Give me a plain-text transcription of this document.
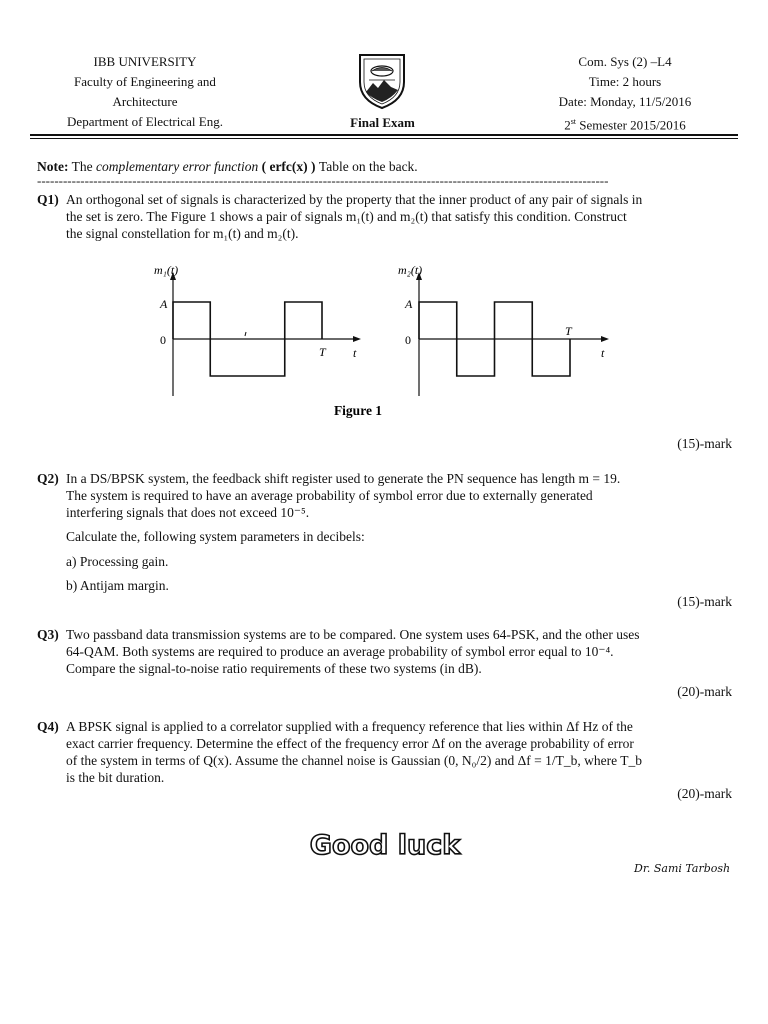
IBB UNIVERSITY
Faculty of Engineering and
Architecture
Department of Electrical Eng.	Final Exam
Com. Sys (2) –L4
Time: 2 hours
Date: Monday, 11/5/2016
2st Semester 2015/2016
Note: The complementary error function ( erfc(x) ) Table on the back.
------------------------------------------------------------------------------------------------------------------------------------
Q1) An orthogonal set of signals is characterized by the property that the inner product of any pair of signals in
the set is zero. The Figure 1 shows a pair of signals m₁(t) and m₂(t) that satisfy this condition. Construct
the signal constellation for m₁(t) and m₂(t).
m₁(t)
A
0
T t
m₂(t)
A
0
T
t
Figure 1
(15)-mark
Q2) In a DS/BPSK system, the feedback shift register used to generate the PN sequence has length m = 19.
The system is required to have an average probability of symbol error due to externally generated
interfering signals that does not exceed 10⁻⁵.
Calculate the, following system parameters in decibels:
a) Processing gain.
b) Antijam margin.
(15)-mark
Q3) Two passband data transmission systems are to be compared. One system uses 64-PSK, and the other uses
64-QAM. Both systems are required to produce an average probability of symbol error equal to 10⁻⁴.
Compare the signal-to-noise ratio requirements of these two systems (in dB).
(20)-mark
Q4) A BPSK signal is applied to a correlator supplied with a frequency reference that lies within Δf Hz of the
exact carrier frequency. Determine the effect of the frequency error Δf on the average probability of error
of the system in terms of Q(x). Assume the channel noise is Gaussian (0, N₀/2) and Δf = 1/T_b, where T_b
is the bit duration.
(20)-mark
Good luck
Dr. Sami Tarbosh
